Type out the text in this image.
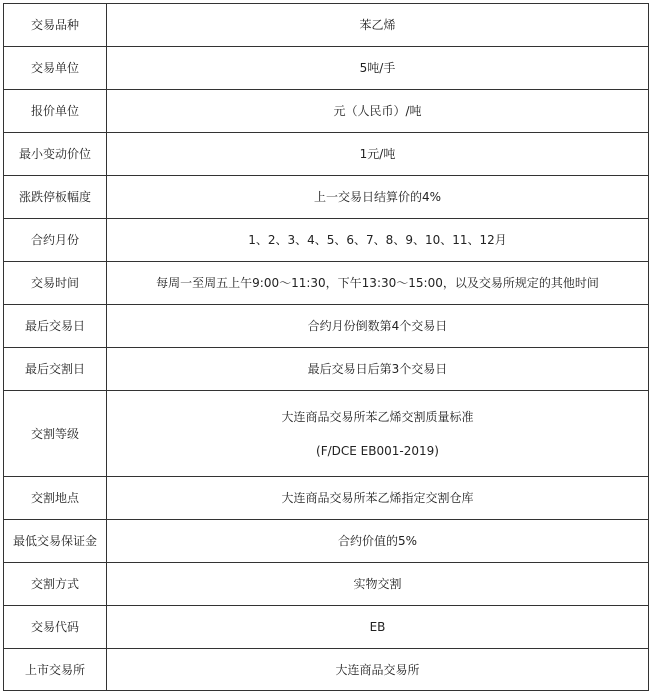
交易品种	苯乙烯
交易单位	5吨/手
报价单位	元（人民币）/吨
最小变动价位	1元/吨
涨跌停板幅度	上一交易日结算价的4%
合约月份	1、2、3、4、5、6、7、8、9、10、11、12月
交易时间	每周一至周五上午9:00～11:30，下午13:30～15:00，以及交易所规定的其他时间
最后交易日	合约月份倒数第4个交易日
最后交割日	最后交易日后第3个交易日
交割等级	大连商品交易所苯乙烯交割质量标准
(F/DCE EB001-2019)

交割地点	大连商品交易所苯乙烯指定交割仓库
最低交易保证金	合约价值的5%
交割方式	实物交割
交易代码	EB
上市交易所	大连商品交易所
